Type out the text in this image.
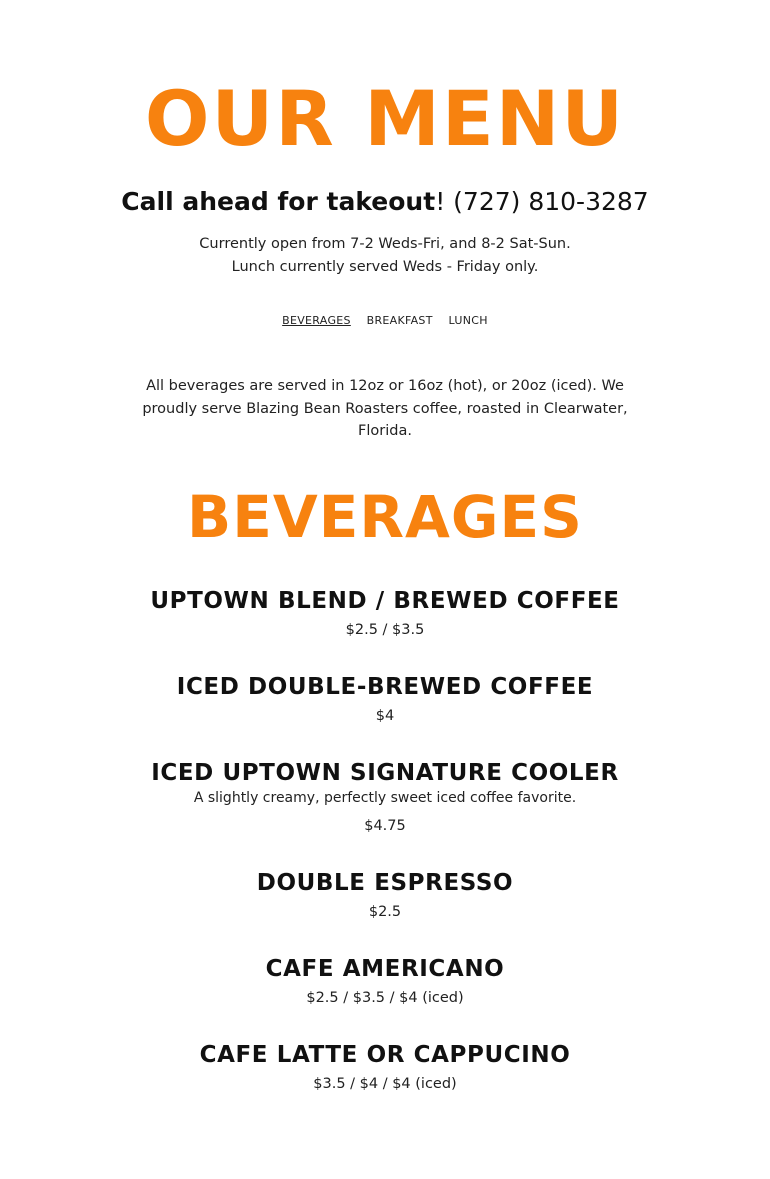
OUR MENU
Call ahead for takeout! (727) 810-3287
Currently open from 7-2 Weds-Fri, and 8-2 Sat-Sun.
Lunch currently served Weds - Friday only.
BEVERAGES BREAKFAST LUNCH

All beverages are served in 12oz or 16oz (hot), or 20oz (iced). We proudly serve Blazing Bean Roasters coffee, roasted in Clearwater, Florida.

BEVERAGES
UPTOWN BLEND / BREWED COFFEE
$2.5 / $3.5
ICED DOUBLE-BREWED COFFEE
$4
ICED UPTOWN SIGNATURE COOLER
A slightly creamy, perfectly sweet iced coffee favorite.
$4.75
DOUBLE ESPRESSO
$2.5
CAFE AMERICANO
$2.5 / $3.5 / $4 (iced)
CAFE LATTE OR CAPPUCINO
$3.5 / $4 / $4 (iced)
